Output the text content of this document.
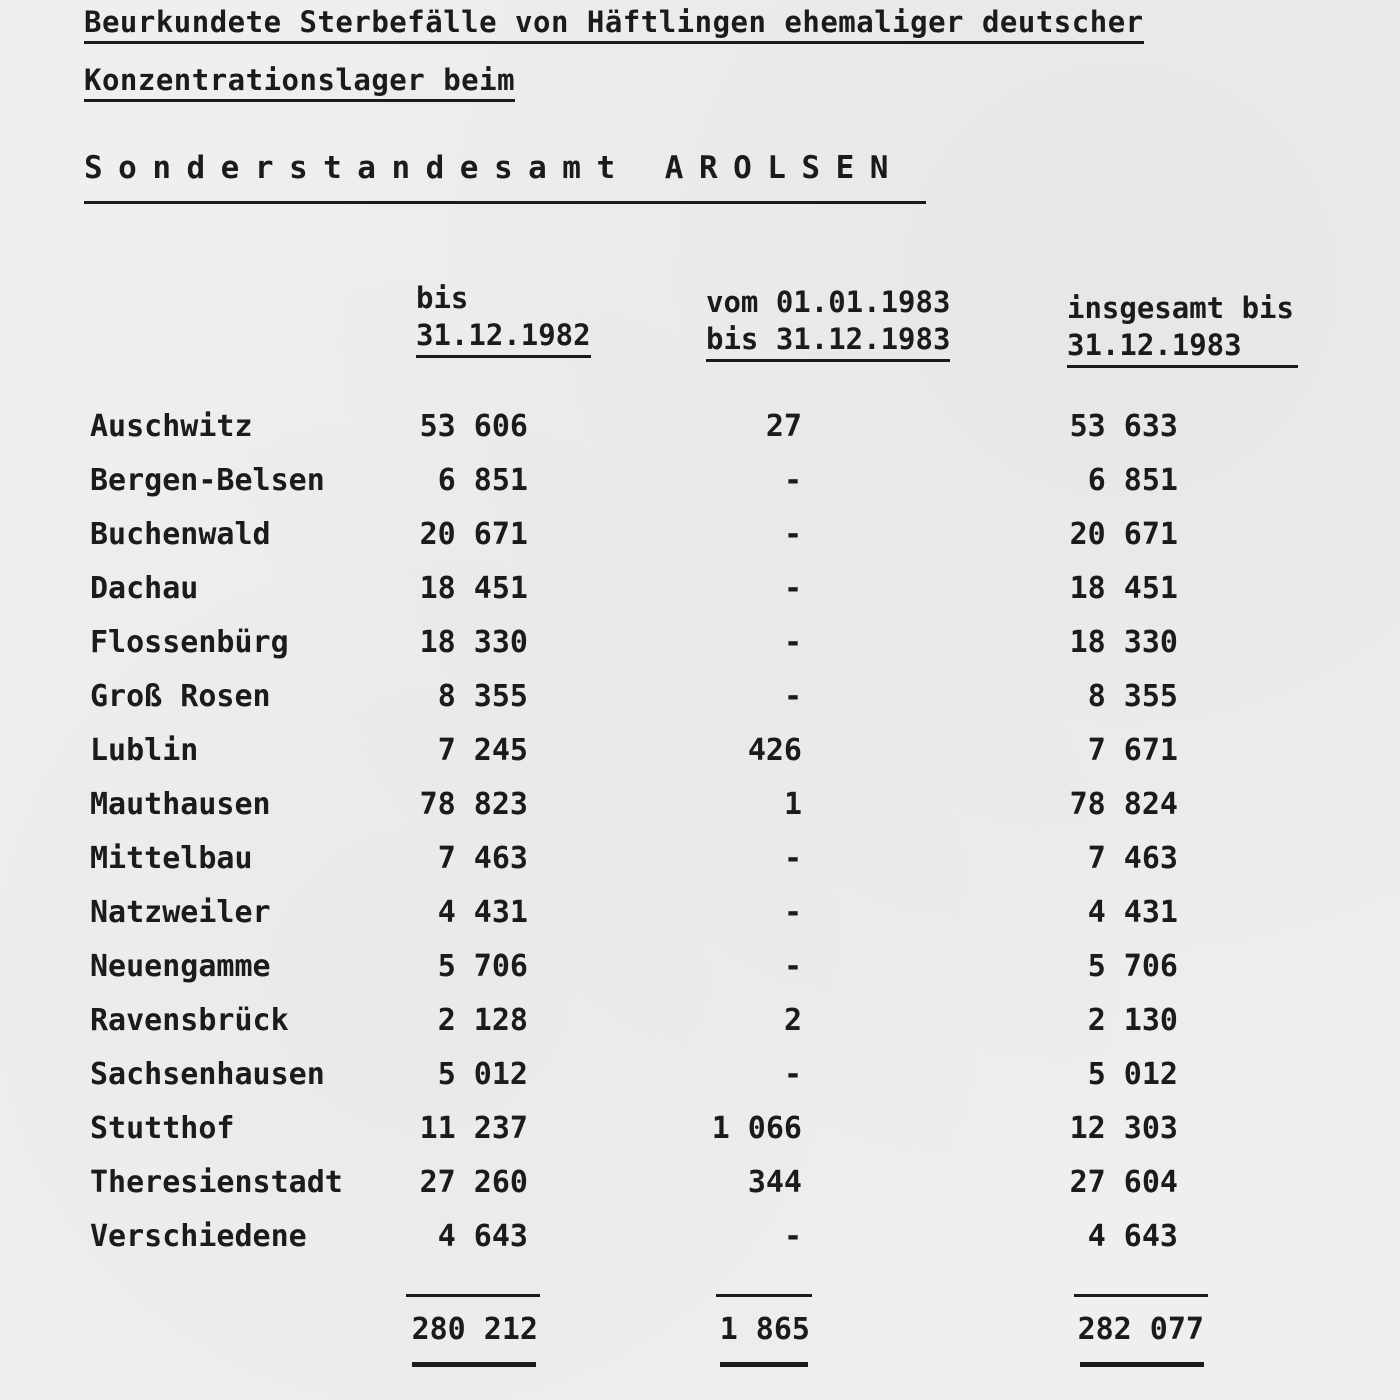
Beurkundete Sterbefälle von Häftlingen ehemaliger deutscher
Konzentrationslager beim
Sonderstandesamt AROLSEN
bis
31.12.1982
vom 01.01.1983
bis 31.12.1983
insgesamt bis
31.12.1983
Auschwitz	53 606	27	53 633
Bergen-Belsen	6 851	-	6 851
Buchenwald	20 671	-	20 671
Dachau	18 451	-	18 451
Flossenbürg	18 330	-	18 330
Groß Rosen	8 355	-	8 355
Lublin	7 245	426	7 671
Mauthausen	78 823	1	78 824
Mittelbau	7 463	-	7 463
Natzweiler	4 431	-	4 431
Neuengamme	5 706	-	5 706
Ravensbrück	2 128	2	2 130
Sachsenhausen	5 012	-	5 012
Stutthof	11 237	1 066	12 303
Theresienstadt	27 260	344	27 604
Verschiedene	4 643	-	4 643
280 212	1 865	282 077
